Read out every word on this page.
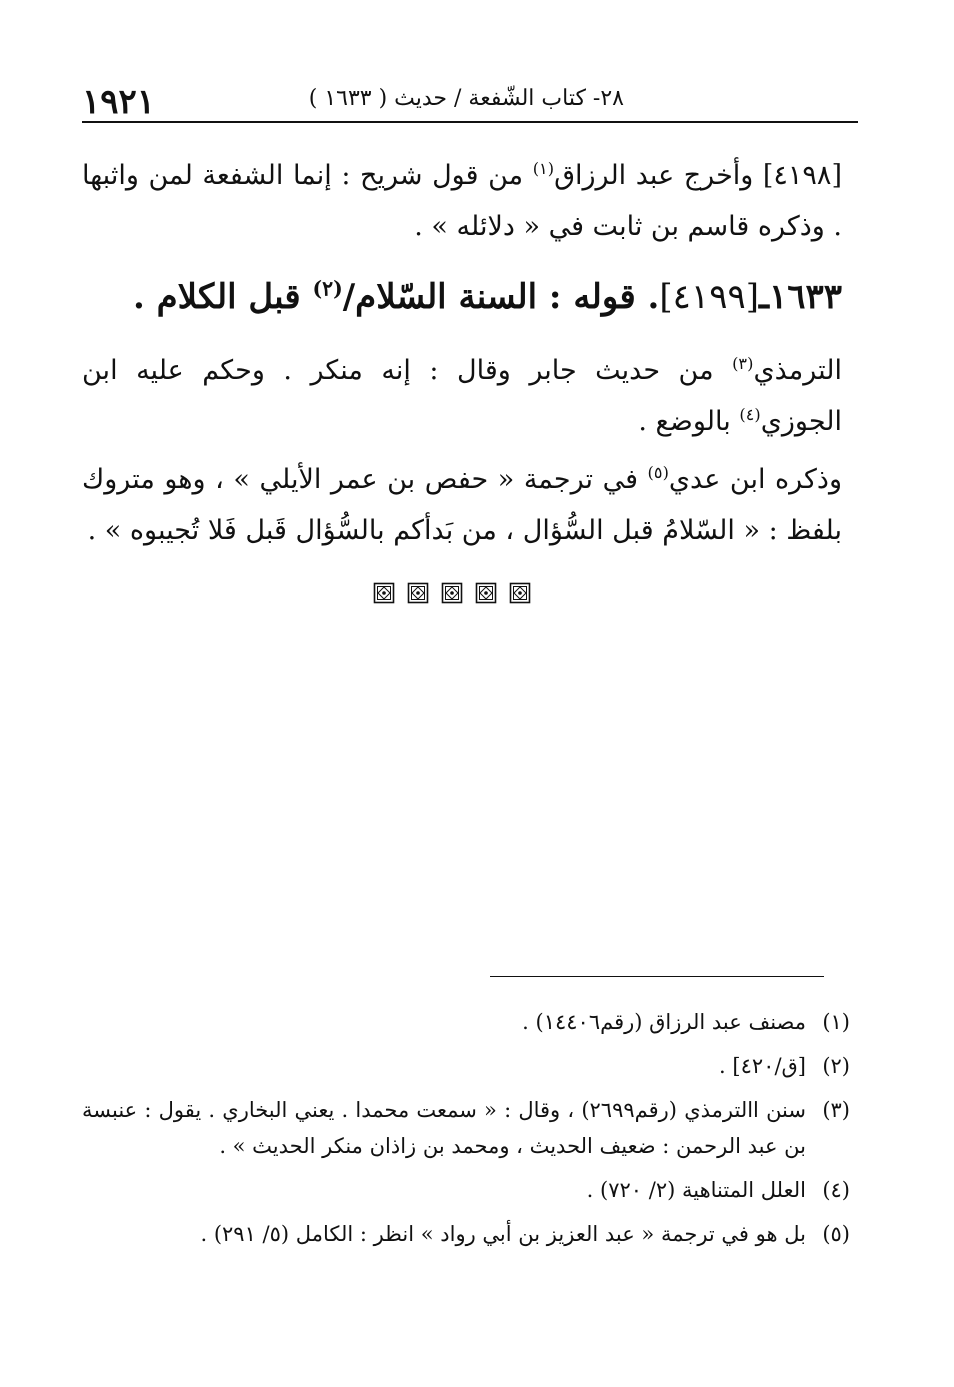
١٩٢١	٢٨- كتاب الشّفعة / حديث ( ١٦٣٣ )

[٤١٩٨] وأخرج عبد الرزاق$^{(١)}$ من قول شريح : إنما الشفعة لمن واثبها . وذكره قاسم بن ثابت في « دلائله » .

١٦٣٣ـ[٤١٩٩]. قوله : السنة السّلام/$^{(٢)}$ قبل الكلام .

الترمذي$^{(٣)}$ من حديث جابر وقال : إنه منكر . وحكم عليه ابن الجوزي$^{(٤)}$ بالوضع .

وذكره ابن عدي$^{(٥)}$ في ترجمة « حفص بن عمر الأيلي » ، وهو متروك بلفظ : « السّلامُ قبل السُّؤال ، من بَدأكم بالسُّؤال قَبل فَلا تُجيبوه » .

(١)
مصنف عبد الرزاق (رقم١٤٤٠٦) .
(٢)
[ق/٤٢٠] .
(٣)
سنن االترمذي (رقم٢٦٩٩) ، وقال : « سمعت محمدا . يعني البخاري . يقول : عنبسة بن عبد الرحمن : ضعيف الحديث ، ومحمد بن زاذان منكر الحديث » .
(٤)
العلل المتناهية (٢/ ٧٢٠) .
(٥)
بل هو في ترجمة « عبد العزيز بن أبي رواد » انظر : الكامل (٥/ ٢٩١) .
